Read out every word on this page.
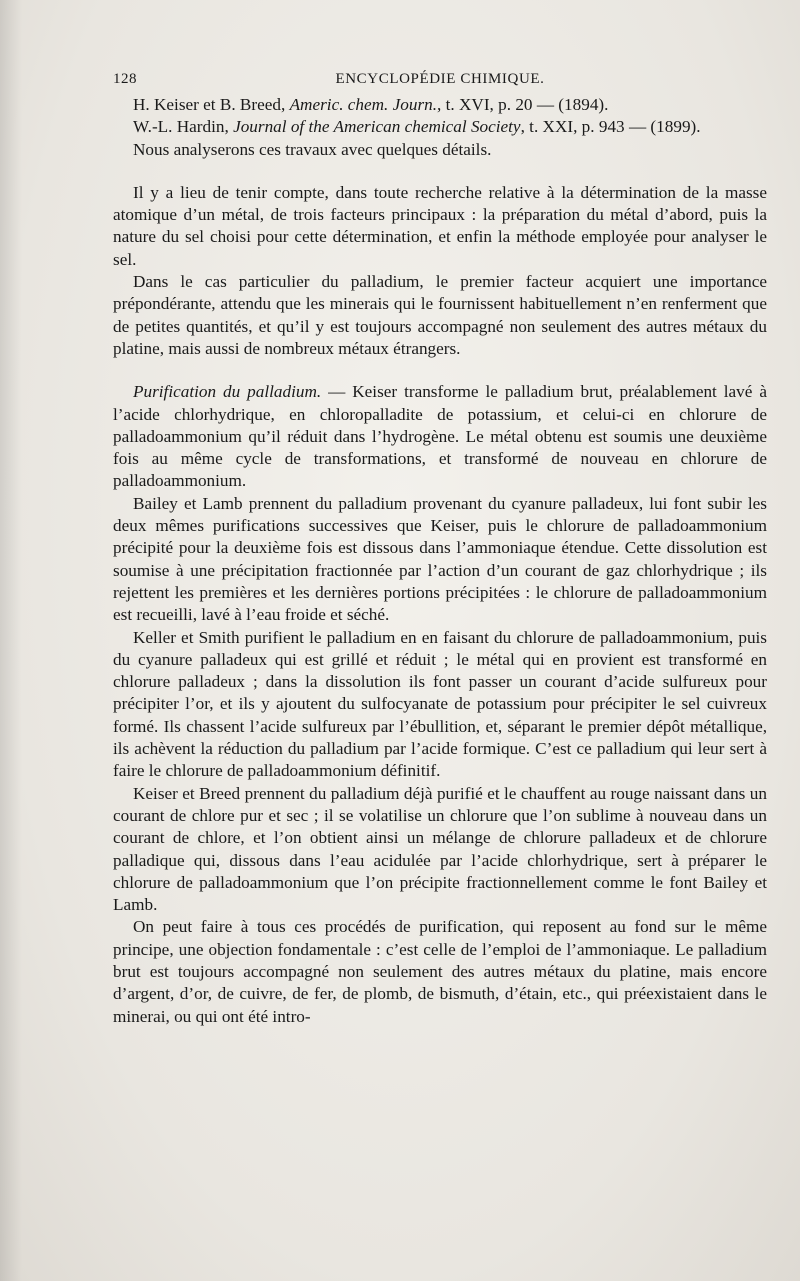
128	ENCYCLOPÉDIE CHIMIQUE.

H. Keiser et B. Breed, Americ. chem. Journ., t. XVI, p. 20 — (1894).

W.-L. Hardin, Journal of the American chemical Society, t. XXI, p. 943 — (1899).

Nous analyserons ces travaux avec quelques détails.

Il y a lieu de tenir compte, dans toute recherche relative à la détermination de la masse atomique d’un métal, de trois facteurs principaux : la préparation du métal d’abord, puis la nature du sel choisi pour cette détermination, et enfin la méthode employée pour analyser le sel.

Dans le cas particulier du palladium, le premier facteur acquiert une importance prépondérante, attendu que les minerais qui le fournissent habituellement n’en renferment que de petites quantités, et qu’il y est toujours accompagné non seulement des autres métaux du platine, mais aussi de nombreux métaux étrangers.

Purification du palladium. — Keiser transforme le palladium brut, préalablement lavé à l’acide chlorhydrique, en chloropalladite de potassium, et celui-ci en chlorure de palladoammonium qu’il réduit dans l’hydrogène. Le métal obtenu est soumis une deuxième fois au même cycle de transformations, et transformé de nouveau en chlorure de palladoammonium.

Bailey et Lamb prennent du palladium provenant du cyanure palladeux, lui font subir les deux mêmes purifications successives que Keiser, puis le chlorure de palladoammonium précipité pour la deuxième fois est dissous dans l’ammoniaque étendue. Cette dissolution est soumise à une précipitation fractionnée par l’action d’un courant de gaz chlorhydrique ; ils rejettent les premières et les dernières portions précipitées : le chlorure de palladoammonium est recueilli, lavé à l’eau froide et séché.

Keller et Smith purifient le palladium en en faisant du chlorure de palladoammonium, puis du cyanure palladeux qui est grillé et réduit ; le métal qui en provient est transformé en chlorure palladeux ; dans la dissolution ils font passer un courant d’acide sulfureux pour précipiter l’or, et ils y ajoutent du sulfocyanate de potassium pour précipiter le sel cuivreux formé. Ils chassent l’acide sulfureux par l’ébullition, et, séparant le premier dépôt métallique, ils achèvent la réduction du palladium par l’acide formique. C’est ce palladium qui leur sert à faire le chlorure de palladoammonium définitif.

Keiser et Breed prennent du palladium déjà purifié et le chauffent au rouge naissant dans un courant de chlore pur et sec ; il se volatilise un chlorure que l’on sublime à nouveau dans un courant de chlore, et l’on obtient ainsi un mélange de chlorure palladeux et de chlorure palladique qui, dissous dans l’eau acidulée par l’acide chlorhydrique, sert à préparer le chlorure de palladoammonium que l’on précipite fractionnellement comme le font Bailey et Lamb.

On peut faire à tous ces procédés de purification, qui reposent au fond sur le même principe, une objection fondamentale : c’est celle de l’emploi de l’ammoniaque. Le palladium brut est toujours accompagné non seulement des autres métaux du platine, mais encore d’argent, d’or, de cuivre, de fer, de plomb, de bismuth, d’étain, etc., qui préexistaient dans le minerai, ou qui ont été intro-
